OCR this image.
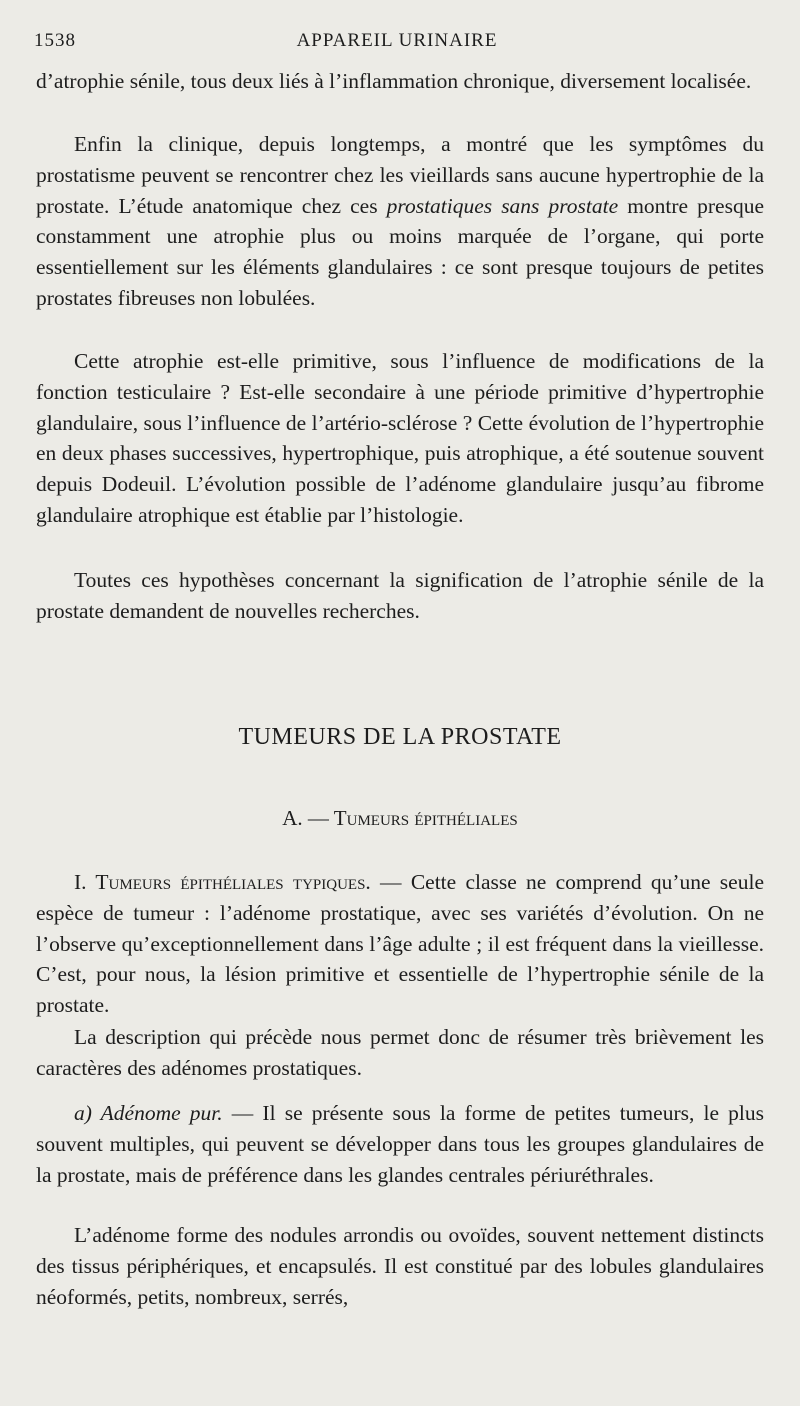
1538	APPAREIL URINAIRE

d’atrophie sénile, tous deux liés à l’inflammation chronique, diversement localisée.

Enfin la clinique, depuis longtemps, a montré que les symptômes du prostatisme peuvent se rencontrer chez les vieillards sans aucune hypertrophie de la prostate. L’étude anatomique chez ces prostatiques sans prostate montre presque constamment une atrophie plus ou moins marquée de l’organe, qui porte essentiellement sur les éléments glandulaires : ce sont presque toujours de petites prostates fibreuses non lobulées.

Cette atrophie est-elle primitive, sous l’influence de modifications de la fonction testiculaire ? Est-elle secondaire à une période primitive d’hypertrophie glandulaire, sous l’influence de l’artério-sclérose ? Cette évolution de l’hypertrophie en deux phases successives, hypertrophique, puis atrophique, a été soutenue souvent depuis Dodeuil. L’évolution possible de l’adénome glandulaire jusqu’au fibrome glandulaire atrophique est établie par l’histologie.

Toutes ces hypothèses concernant la signification de l’atrophie sénile de la prostate demandent de nouvelles recherches.

TUMEURS DE LA PROSTATE
A. — Tumeurs épithéliales

I. Tumeurs épithéliales typiques. — Cette classe ne comprend qu’une seule espèce de tumeur : l’adénome prostatique, avec ses variétés d’évolution. On ne l’observe qu’exceptionnellement dans l’âge adulte ; il est fréquent dans la vieillesse. C’est, pour nous, la lésion primitive et essentielle de l’hypertrophie sénile de la prostate.

La description qui précède nous permet donc de résumer très brièvement les caractères des adénomes prostatiques.

a) Adénome pur. — Il se présente sous la forme de petites tumeurs, le plus souvent multiples, qui peuvent se développer dans tous les groupes glandulaires de la prostate, mais de préférence dans les glandes centrales périuréthrales.

L’adénome forme des nodules arrondis ou ovoïdes, souvent nettement distincts des tissus périphériques, et encapsulés. Il est constitué par des lobules glandulaires néoformés, petits, nombreux, serrés,
